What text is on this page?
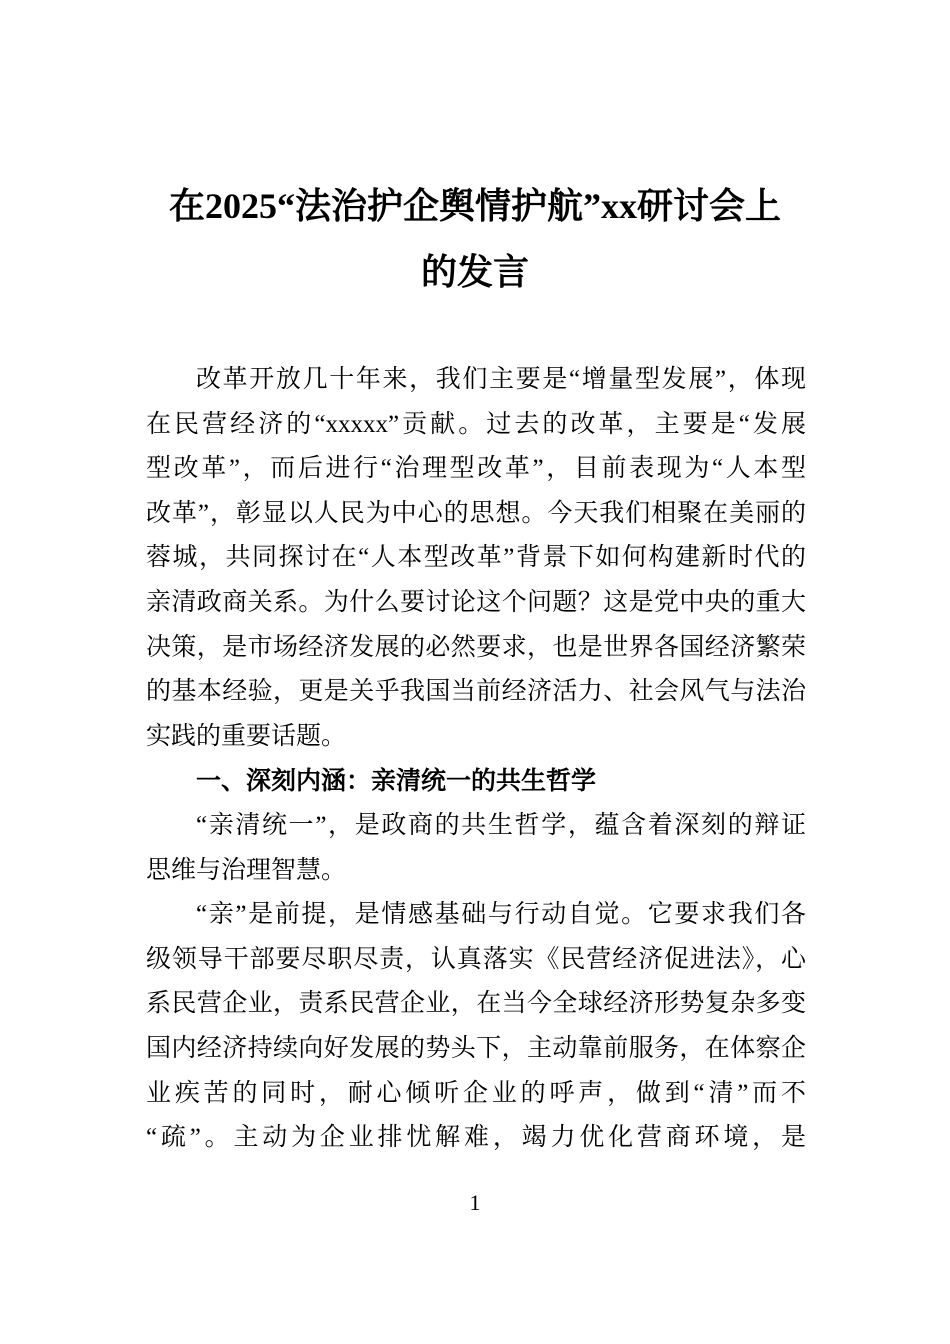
在2025“法治护企舆情护航”xx研讨会上
的发言
改革开放几十年来，我们主要是“增量型发展”，体现
在民营经济的“xxxxx”贡献。过去的改革，主要是“发展
型改革”，而后进行“治理型改革”，目前表现为“人本型
改革”，彰显以人民为中心的思想。今天我们相聚在美丽的
蓉城，共同探讨在“人本型改革”背景下如何构建新时代的
亲清政商关系。为什么要讨论这个问题？这是党中央的重大
决策，是市场经济发展的必然要求，也是世界各国经济繁荣
的基本经验，更是关乎我国当前经济活力、社会风气与法治
实践的重要话题。
一、深刻内涵：亲清统一的共生哲学
“亲清统一”，是政商的共生哲学，蕴含着深刻的辩证
思维与治理智慧。
“亲”是前提，是情感基础与行动自觉。它要求我们各
级领导干部要尽职尽责，认真落实《民营经济促进法》，心
系民营企业，责系民营企业，在当今全球经济形势复杂多变
国内经济持续向好发展的势头下，主动靠前服务，在体察企
业疾苦的同时，耐心倾听企业的呼声，做到“清”而不
“疏”。主动为企业排忧解难，竭力优化营商环境，是
1
